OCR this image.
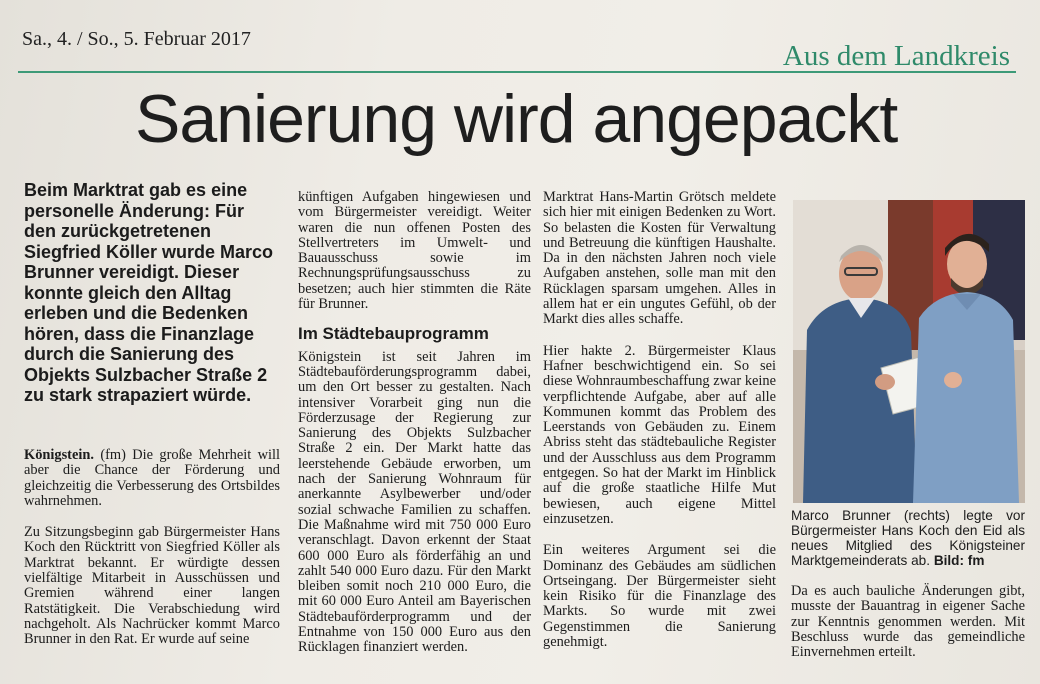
Sa., 4. / So., 5. Februar 2017
Aus dem Landkreis
Sanierung wird angepackt
Beim Marktrat gab es eine personelle Änderung: Für den zurückgetretenen Siegfried Köller wurde Marco Brunner vereidigt. Dieser konnte gleich den Alltag erleben und die Bedenken hören, dass die Finanzlage durch die Sanierung des Objekts Sulzbacher Straße 2 zu stark strapaziert würde.

Königstein. (fm) Die große Mehrheit will aber die Chance der Förderung und gleichzeitig die Verbesserung des Ortsbildes wahrnehmen.

Zu Sitzungsbeginn gab Bürgermeister Hans Koch den Rücktritt von Siegfried Köller als Marktrat bekannt. Er würdigte dessen vielfältige Mitarbeit in Ausschüssen und Gremien während einer langen Ratstätigkeit. Die Verabschiedung wird nachgeholt. Als Nachrücker kommt Marco Brunner in den Rat. Er wurde auf seine

künftigen Aufgaben hingewiesen und vom Bürgermeister vereidigt. Weiter waren die nun offenen Posten des Stellvertreters im Umwelt- und Bauausschuss sowie im Rechnungsprüfungsausschuss zu besetzen; auch hier stimmten die Räte für Brunner.

Im Städtebauprogramm

Königstein ist seit Jahren im Städtebauförderungsprogramm dabei, um den Ort besser zu gestalten. Nach intensiver Vorarbeit ging nun die Förderzusage der Regierung zur Sanierung des Objekts Sulzbacher Straße 2 ein. Der Markt hatte das leerstehende Gebäude erworben, um nach der Sanierung Wohnraum für anerkannte Asylbewerber und/oder sozial schwache Familien zu schaffen. Die Maßnahme wird mit 750 000 Euro veranschlagt. Davon erkennt der Staat 600 000 Euro als förderfähig an und zahlt 540 000 Euro dazu. Für den Markt bleiben somit noch 210 000 Euro, die mit 60 000 Euro Anteil am Bayerischen Städtebauförderprogramm und der Entnahme von 150 000 Euro aus den Rücklagen finanziert werden.

Marktrat Hans-Martin Grötsch meldete sich hier mit einigen Bedenken zu Wort. So belasten die Kosten für Verwaltung und Betreuung die künftigen Haushalte. Da in den nächsten Jahren noch viele Aufgaben anstehen, solle man mit den Rücklagen sparsam umgehen. Alles in allem hat er ein ungutes Gefühl, ob der Markt dies alles schaffe.

Hier hakte 2. Bürgermeister Klaus Hafner beschwichtigend ein. So sei diese Wohnraumbeschaffung zwar keine verpflichtende Aufgabe, aber auf alle Kommunen kommt das Problem des Leerstands von Gebäuden zu. Einem Abriss steht das städtebauliche Register und der Ausschluss aus dem Programm entgegen. So hat der Markt im Hinblick auf die große staatliche Hilfe Mut bewiesen, auch eigene Mittel einzusetzen.

Ein weiteres Argument sei die Dominanz des Gebäudes am südlichen Ortseingang. Der Bürgermeister sieht kein Risiko für die Finanzlage des Markts. So wurde mit zwei Gegenstimmen die Sanierung genehmigt.

Marco Brunner (rechts) legte vor Bürgermeister Hans Koch den Eid als neues Mitglied des Königsteiner Marktgemeinderats ab. Bild: fm

Da es auch bauliche Änderungen gibt, musste der Bauantrag in eigener Sache zur Kenntnis genommen werden. Mit Beschluss wurde das gemeindliche Einvernehmen erteilt.
